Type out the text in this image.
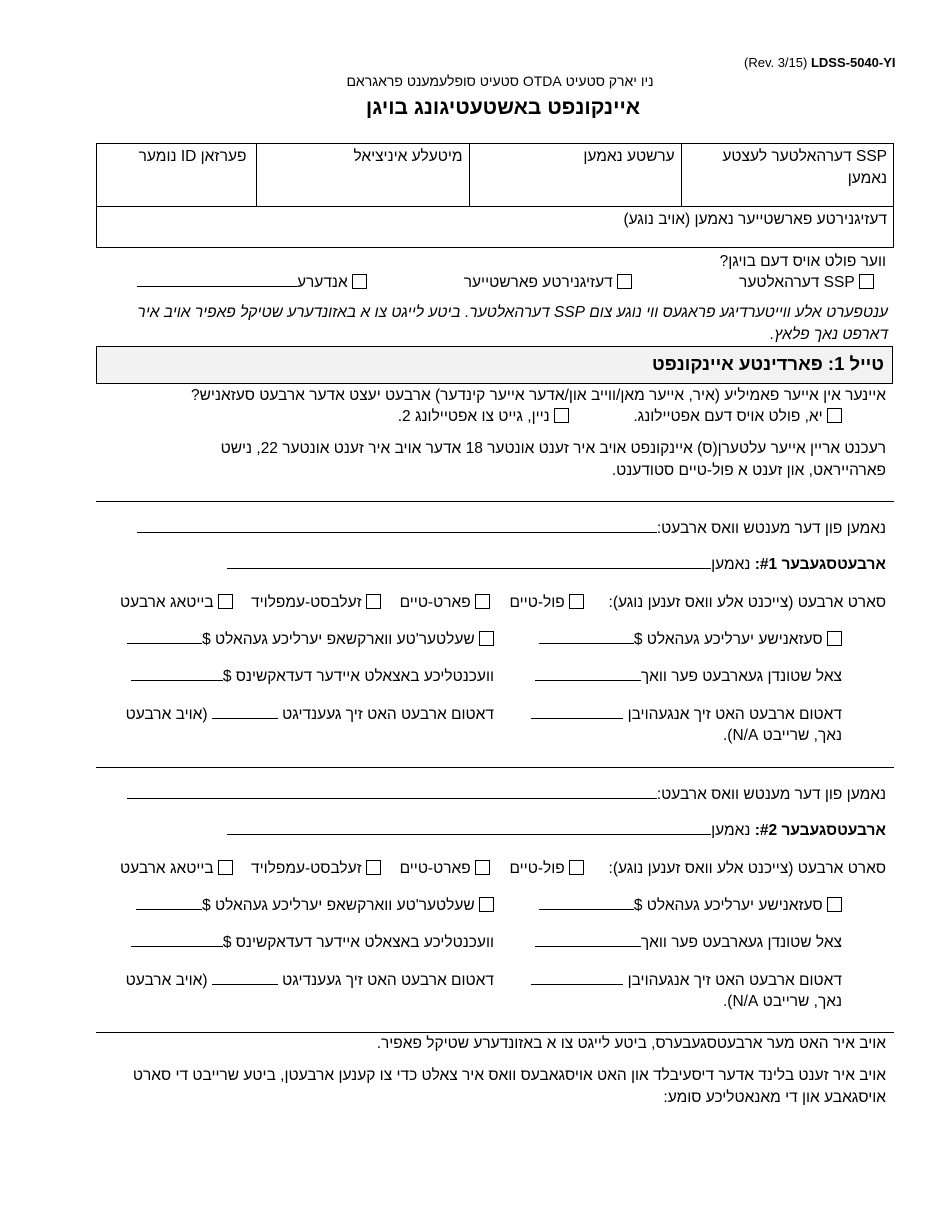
(Rev. 3/15) LDSS-5040-YI
ניו יארק סטעיט OTDA סטעיט סופלעמענט פראגראם
איינקונפט באשטעטיגונג בויגן
SSP דערהאלטער לעצטע
נאמען

ערשטע נאמען

מיטעלע איניציאל

פערזאן ID נומער

דעזיגנירטע פארשטייער נאמען (אויב נוגע)
ווער פולט אויס דעם בויגן?
SSP דערהאלטער
דעזיגנירטע פארשטייער
אנדערע
ענטפערט אלע ווייטערדיגע פראגעס ווי נוגע צום SSP דערהאלטער. ביטע לייגט צו א באזונדערע שטיקל פאפיר אויב איר
דארפט נאך פלאץ.
טייל 1: פארדינטע איינקונפט
איינער אין אייער פאמיליע (איר, אייער מאן/ווייב און/אדער אייער קינדער) ארבעט יעצט אדער ארבעט סעזאניש?
יא, פולט אויס דעם אפטיילונג.
ניין, גייט צו אפטיילונג 2.
רעכנט אריין אייער עלטערן(ס) איינקונפט אויב איר זענט אונטער 18 אדער אויב איר זענט אונטער 22, נישט
פארהייראט, און זענט א פול-טיים סטודענט.
נאמען פון דער מענטש וואס ארבעט:
ארבעטסגעבער #1: נאמען
סארט ארבעט (צייכנט אלע וואס זענען נוגע):
פול-טיים
פארט-טיים
זעלבסט-עמפלויד
בייטאג ארבעט
סעזאנישע יערליכע געהאלט $
שעלטער'טע ווארקשאפ יערליכע געהאלט $
צאל שטונדן געארבעט פער וואך
וועכנטליכע באצאלט איידער דעדאקשינס $
דאטום ארבעט האט זיך אנגעהויבן
דאטום ארבעט האט זיך געענדיגט  (אויב ארבעט
נאך, שרייבט N/A).
נאמען פון דער מענטש וואס ארבעט:
ארבעטסגעבער #2: נאמען
סארט ארבעט (צייכנט אלע וואס זענען נוגע):
פול-טיים
פארט-טיים
זעלבסט-עמפלויד
בייטאג ארבעט
סעזאנישע יערליכע געהאלט $
שעלטער'טע ווארקשאפ יערליכע געהאלט $
צאל שטונדן געארבעט פער וואך
וועכנטליכע באצאלט איידער דעדאקשינס $
דאטום ארבעט האט זיך אנגעהויבן
דאטום ארבעט האט זיך געענדיגט  (אויב ארבעט
נאך, שרייבט N/A).
אויב איר האט מער ארבעטסגעבערס, ביטע לייגט צו א באזונדערע שטיקל פאפיר.
אויב איר זענט בלינד אדער דיסעיבלד און האט אויסגאבעס וואס איר צאלט כדי צו קענען ארבעטן, ביטע שרייבט די סארט
אויסגאבע און די מאנאטליכע סומע:
